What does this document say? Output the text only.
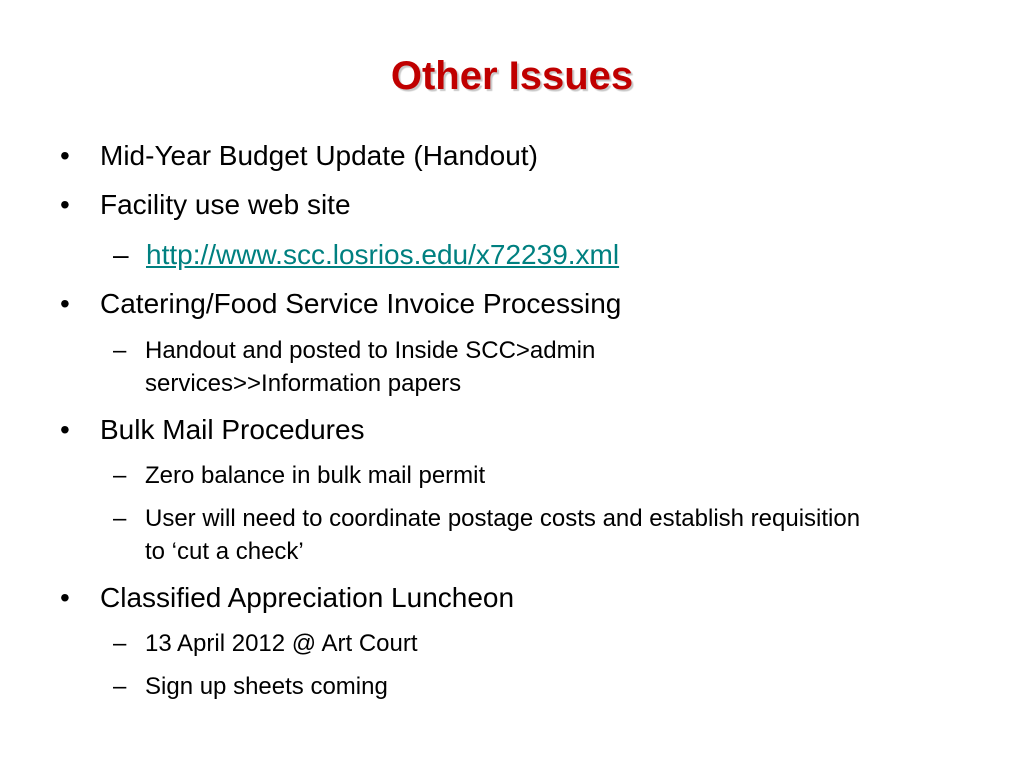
Other Issues
•	Mid-Year Budget Update (Handout)
•	Facility use web site
– http://www.scc.losrios.edu/x72239.xml
•	Catering/Food Service Invoice Processing
– Handout and posted to Inside SCC>admin services>>Information papers
•	Bulk Mail Procedures
– Zero balance in bulk mail permit
– User will need to coordinate postage costs and establish requisition to ‘cut a check’
•	Classified Appreciation Luncheon
– 13 April 2012 @ Art Court
– Sign up sheets coming
